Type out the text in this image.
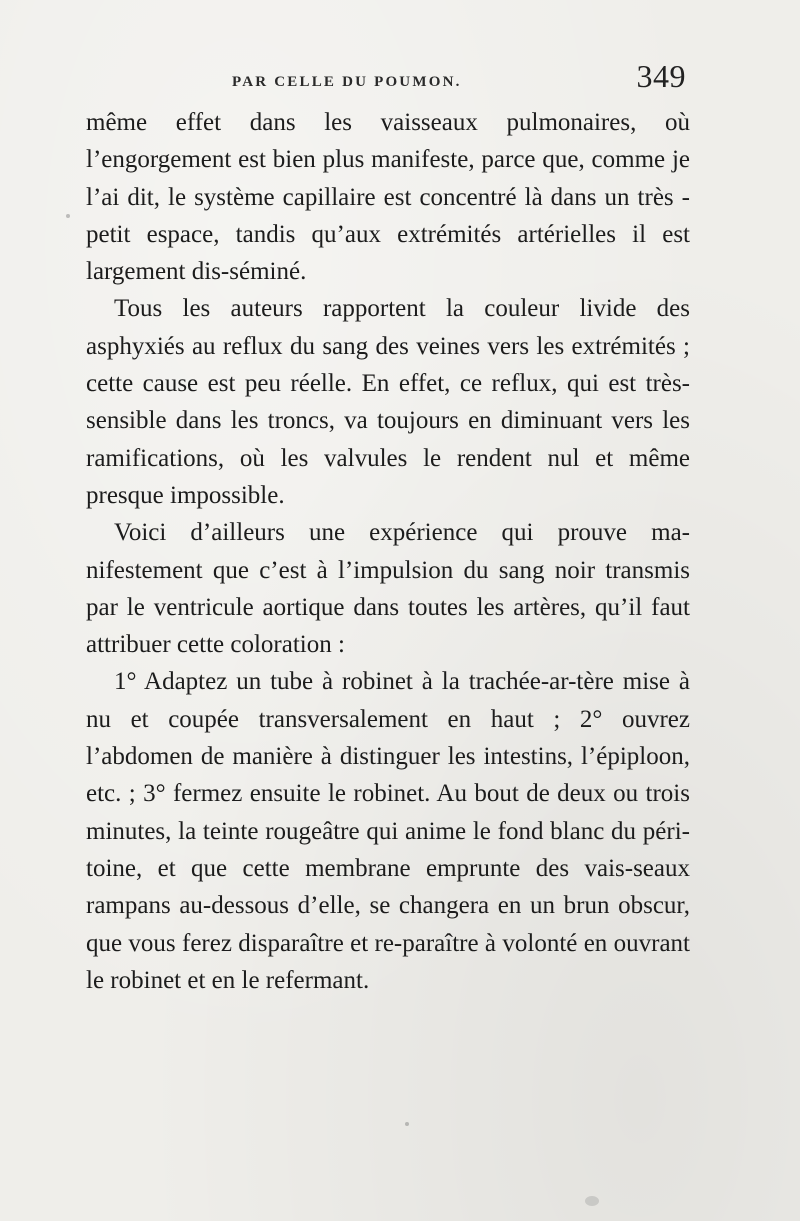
PAR CELLE DU POUMON.	349

même effet dans les vaisseaux pulmonaires, où l’engorgement est bien plus manifeste, parce que, comme je l’ai dit, le système capillaire est concentré là dans un très - petit espace, tandis qu’aux extrémités artérielles il est largement dis-séminé.

Tous les auteurs rapportent la couleur livide des asphyxiés au reflux du sang des veines vers les extrémités ; cette cause est peu réelle. En effet, ce reflux, qui est très-sensible dans les troncs, va toujours en diminuant vers les ramifications, où les valvules le rendent nul et même presque impossible.

Voici d’ailleurs une expérience qui prouve ma-nifestement que c’est à l’impulsion du sang noir transmis par le ventricule aortique dans toutes les artères, qu’il faut attribuer cette coloration :

1° Adaptez un tube à robinet à la trachée-ar-tère mise à nu et coupée transversalement en haut ; 2° ouvrez l’abdomen de manière à distinguer les intestins, l’épiploon, etc. ; 3° fermez ensuite le robinet. Au bout de deux ou trois minutes, la teinte rougeâtre qui anime le fond blanc du péri-toine, et que cette membrane emprunte des vais-seaux rampans au-dessous d’elle, se changera en un brun obscur, que vous ferez disparaître et re-paraître à volonté en ouvrant le robinet et en le refermant.
